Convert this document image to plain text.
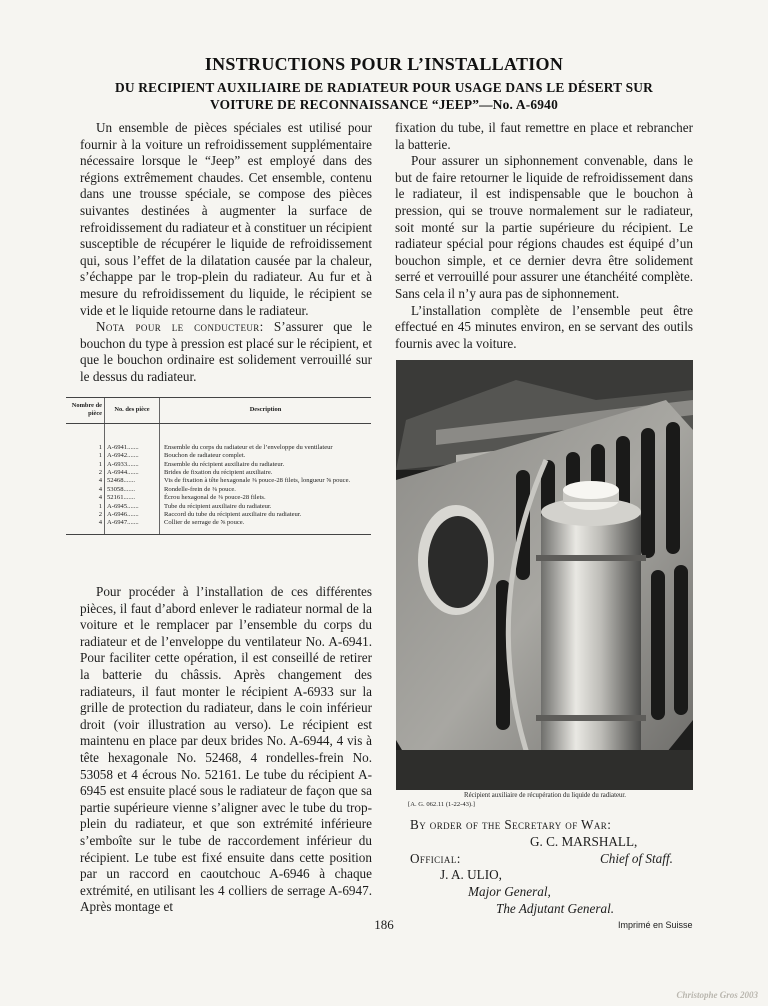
INSTRUCTIONS POUR L’INSTALLATION
DU RECIPIENT AUXILIAIRE DE RADIATEUR POUR USAGE DANS LE DÉSERT SUR
VOITURE DE RECONNAISSANCE “JEEP”—No. A-6940

Un ensemble de pièces spéciales est utilisé pour fournir à la voiture un refroidissement supplémentaire nécessaire lorsque le “Jeep” est employé dans des régions extrêmement chaudes. Cet ensemble, contenu dans une trousse spéciale, se compose des pièces suivantes destinées à augmenter la surface de refroidissement du radiateur et à constituer un récipient susceptible de récupérer le liquide de refroidissement qui, sous l’effet de la dilatation causée par la chaleur, s’échappe par le trop-plein du radiateur. Au fur et à mesure du refroidissement du liquide, le récipient se vide et le liquide retourne dans le radiateur.

Nota pour le conducteur: S’assurer que le bouchon du type à pression est placé sur le récipient, et que le bouchon ordinaire est solidement verrouillé sur le dessus du radiateur.

Nombre de pièce	No. des pièce	Description
1	A-6941.......	Ensemble du corps du radiateur et de l’enveloppe du ventilateur
1	A-6942.......	Bouchon de radiateur complet.
1	A-6933.......	Ensemble du récipient auxiliaire du radiateur.
2	A-6944.......	Brides de fixation du récipient auxiliaire.
4	52468.......	Vis de fixation à tête hexagonale ⅜ pouce-28 filets, longueur ⅝ pouce.
4	53058.......	Rondelle-frein de ⅜ pouce.
4	52161.......	Écrou hexagonal de ⅜ pouce-28 filets.
1	A-6945.......	Tube du récipient auxiliaire du radiateur.
2	A-6946.......	Raccord du tube du récipient auxiliaire du radiateur.
4	A-6947.......	Collier de serrage de ⅝ pouce.

Pour procéder à l’installation de ces différentes pièces, il faut d’abord enlever le radiateur normal de la voiture et le remplacer par l’ensemble du corps du radiateur et de l’enveloppe du ventilateur No. A-6941. Pour faciliter cette opération, il est conseillé de retirer la batterie du châssis. Après changement des radiateurs, il faut monter le récipient A-6933 sur la grille de protection du radiateur, dans le coin inférieur droit (voir illustration au verso). Le récipient est maintenu en place par deux brides No. A-6944, 4 vis à tête hexagonale No. 52468, 4 rondelles-frein No. 53058 et 4 écrous No. 52161. Le tube du récipient A-6945 est ensuite placé sous le radiateur de façon que sa partie supérieure vienne s’aligner avec le tube du trop-plein du radiateur, et que son extrémité inférieure s’emboîte sur le tube de raccordement inférieur du récipient. Le tube est fixé ensuite dans cette position par un raccord en caoutchouc A-6946 à chaque extrémité, en utilisant les 4 colliers de serrage A-6947. Après montage et

fixation du tube, il faut remettre en place et rebrancher la batterie.

Pour assurer un siphonnement convenable, dans le but de faire retourner le liquide de refroidissement dans le radiateur, il est indispensable que le bouchon à pression, qui se trouve normalement sur le radiateur, soit monté sur la partie supérieure du récipient. Le radiateur spécial pour régions chaudes est équipé d’un bouchon simple, et ce dernier devra être solidement serré et verrouillé pour assurer une étanchéité complète. Sans cela il n’y aura pas de siphonnement.

L’installation complète de l’ensemble peut être effectué en 45 minutes environ, en se servant des outils fournis avec la voiture.

Récipient auxiliaire de récupération du liquide du radiateur.
[A. G. 062.11 (1-22-43).]
By order of the Secretary of War:
G. C. MARSHALL,
Chief of Staff.
Official:
J. A. ULIO,
Major General,
The Adjutant General.
186	Imprimé en Suisse
Christophe Gros 2003
